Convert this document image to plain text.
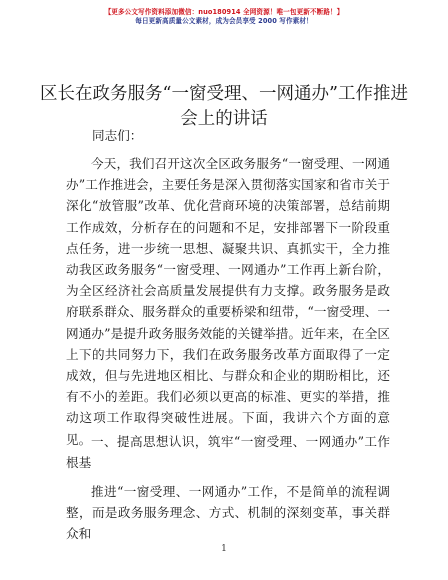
【更多公文写作资料添加微信：nuo180914 全网资源！唯一包更新不断路！】
每日更新高质量公文素材，成为会员享受 2000 写作素材！
区长在政务服务“一窗受理、一网通办”工作推进会上的讲话
同志们：

今天，我们召开这次全区政务服务“一窗受理、一网通办”工作推进会，主要任务是深入贯彻落实国家和省市关于深化“放管服”改革、优化营商环境的决策部署，总结前期工作成效，分析存在的问题和不足，安排部署下一阶段重点任务，进一步统一思想、凝聚共识、真抓实干，全力推动我区政务服务“一窗受理、一网通办”工作再上新台阶，为全区经济社会高质量发展提供有力支撑。政务服务是政府联系群众、服务群众的重要桥梁和纽带，“一窗受理、一网通办”是提升政务服务效能的关键举措。近年来，在全区上下的共同努力下，我们在政务服务改革方面取得了一定成效，但与先进地区相比、与群众和企业的期盼相比，还有不小的差距。我们必须以更高的标准、更实的举措，推动这项工作取得突破性进展。下面，我讲六个方面的意见。 一、提高思想认识，筑牢“一窗受理、一网通办”工作根基

推进“一窗受理、一网通办”工作，不是简单的流程调整，而是政务服务理念、方式、机制的深刻变革，事关群众和

1
